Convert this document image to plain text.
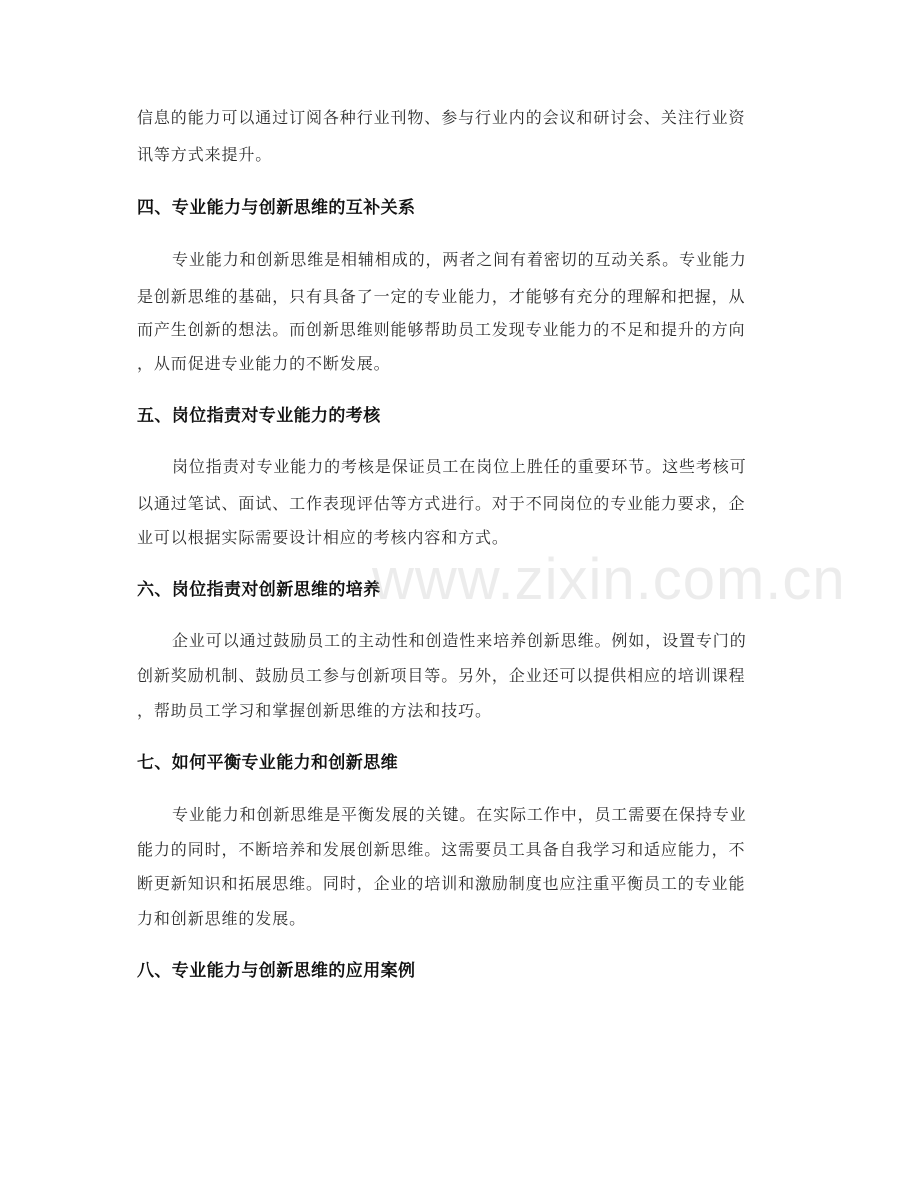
信息的能力可以通过订阅各种行业刊物、参与行业内的会议和研讨会、关注行业资
讯等方式来提升。
四、专业能力与创新思维的互补关系
专业能力和创新思维是相辅相成的，两者之间有着密切的互动关系。专业能力
是创新思维的基础，只有具备了一定的专业能力，才能够有充分的理解和把握，从
而产生创新的想法。而创新思维则能够帮助员工发现专业能力的不足和提升的方向
，从而促进专业能力的不断发展。
五、岗位指责对专业能力的考核
岗位指责对专业能力的考核是保证员工在岗位上胜任的重要环节。这些考核可
以通过笔试、面试、工作表现评估等方式进行。对于不同岗位的专业能力要求，企
业可以根据实际需要设计相应的考核内容和方式。
六、岗位指责对创新思维的培养
企业可以通过鼓励员工的主动性和创造性来培养创新思维。例如，设置专门的
创新奖励机制、鼓励员工参与创新项目等。另外，企业还可以提供相应的培训课程
，帮助员工学习和掌握创新思维的方法和技巧。
七、如何平衡专业能力和创新思维
专业能力和创新思维是平衡发展的关键。在实际工作中，员工需要在保持专业
能力的同时，不断培养和发展创新思维。这需要员工具备自我学习和适应能力，不
断更新知识和拓展思维。同时，企业的培训和激励制度也应注重平衡员工的专业能
力和创新思维的发展。
八、专业能力与创新思维的应用案例
www.zixin.com.cn
